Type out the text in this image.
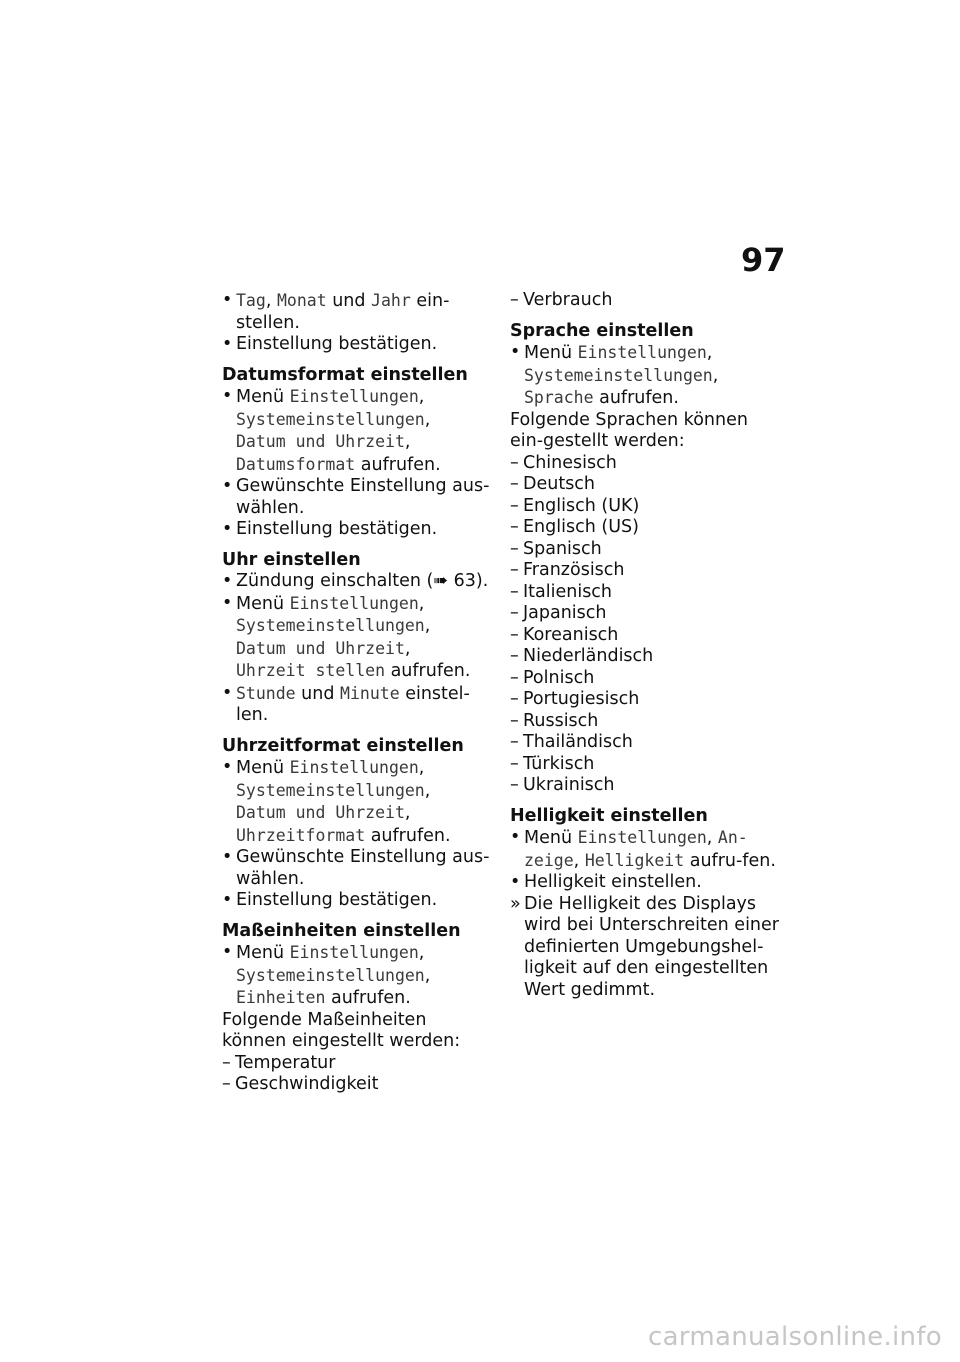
97
• Tag, Monat und Jahr ein-stellen.
• Einstellung bestätigen.
Datumsformat einstellen
• Menü Einstellungen,
Systemeinstellungen,
Datum und Uhrzeit,
Datumsformat aufrufen.
• Gewünschte Einstellung aus-wählen.
• Einstellung bestätigen.
Uhr einstellen
• Zündung einschalten (➠ 63).
• Menü Einstellungen,
Systemeinstellungen,
Datum und Uhrzeit,
Uhrzeit stellen aufrufen.
• Stunde und Minute einstel-len.
Uhrzeitformat einstellen
• Menü Einstellungen,
Systemeinstellungen,
Datum und Uhrzeit,
Uhrzeitformat aufrufen.
• Gewünschte Einstellung aus-wählen.
• Einstellung bestätigen.
Maßeinheiten einstellen
• Menü Einstellungen,
Systemeinstellungen,
Einheiten aufrufen.
Folgende Maßeinheiten können eingestellt werden:
– Temperatur
– Geschwindigkeit
– Verbrauch
Sprache einstellen
• Menü Einstellungen,
Systemeinstellungen,
Sprache aufrufen.
Folgende Sprachen können ein-gestellt werden:
– Chinesisch
– Deutsch
– Englisch (UK)
– Englisch (US)
– Spanisch
– Französisch
– Italienisch
– Japanisch
– Koreanisch
– Niederländisch
– Polnisch
– Portugiesisch
– Russisch
– Thailändisch
– Türkisch
– Ukrainisch
Helligkeit einstellen
• Menü Einstellungen, An-zeige, Helligkeit aufru-fen.
• Helligkeit einstellen.
» Die Helligkeit des Displays wird bei Unterschreiten einer definierten Umgebungshel-ligkeit auf den eingestellten Wert gedimmt.
carmanualsonline.info
